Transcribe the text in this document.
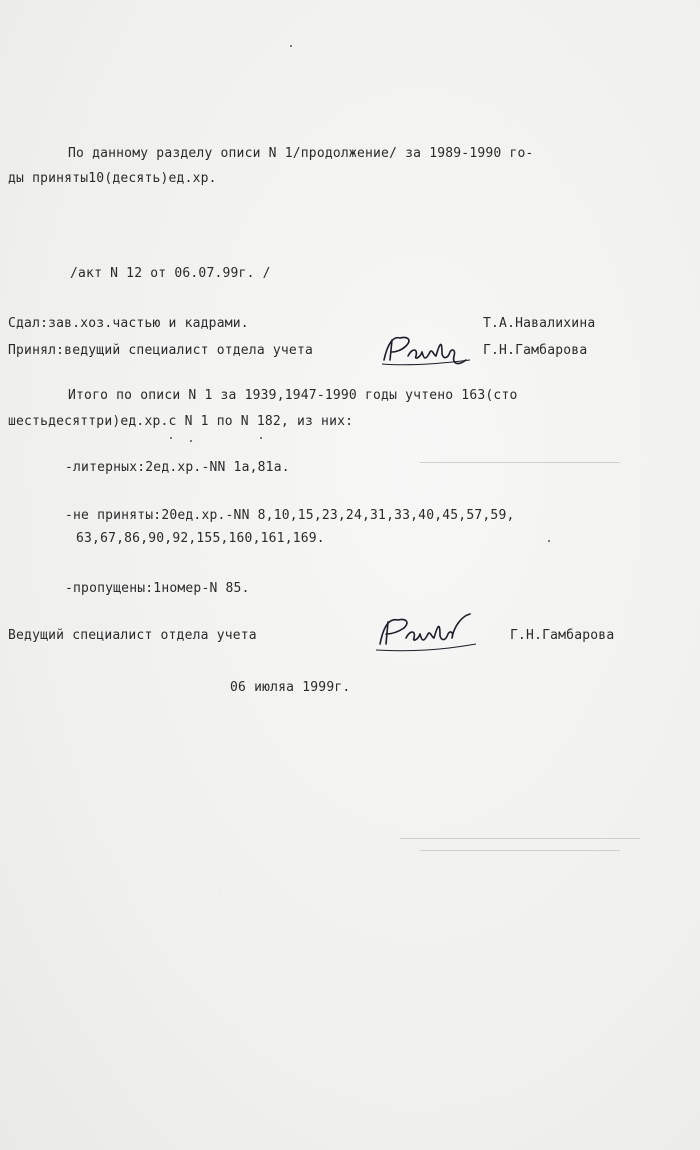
По данному разделу описи N 1/продолжение/ за 1989-1990 го-
ды приняты10(десять)ед.хр.
/акт N 12 от 06.07.99г. /
Сдал:зав.хоз.частью и кадрами.	Т.А.Навалихина
Принял:ведущий специалист отдела учета	Г.Н.Гамбарова
Итого по описи N 1 за 1939,1947-1990 годы учтено 163(сто
шестьдесяттри)ед.хр.с N 1 по N 182, из них:
-литерных:2ед.хр.-NN 1а,81а.
-не приняты:20ед.хр.-NN 8,10,15,23,24,31,33,40,45,57,59,
63,67,86,90,92,155,160,161,169.
-пропущены:1номер-N 85.
Ведущий специалист отдела учета	Г.Н.Гамбарова
06 июляа 1999г.
